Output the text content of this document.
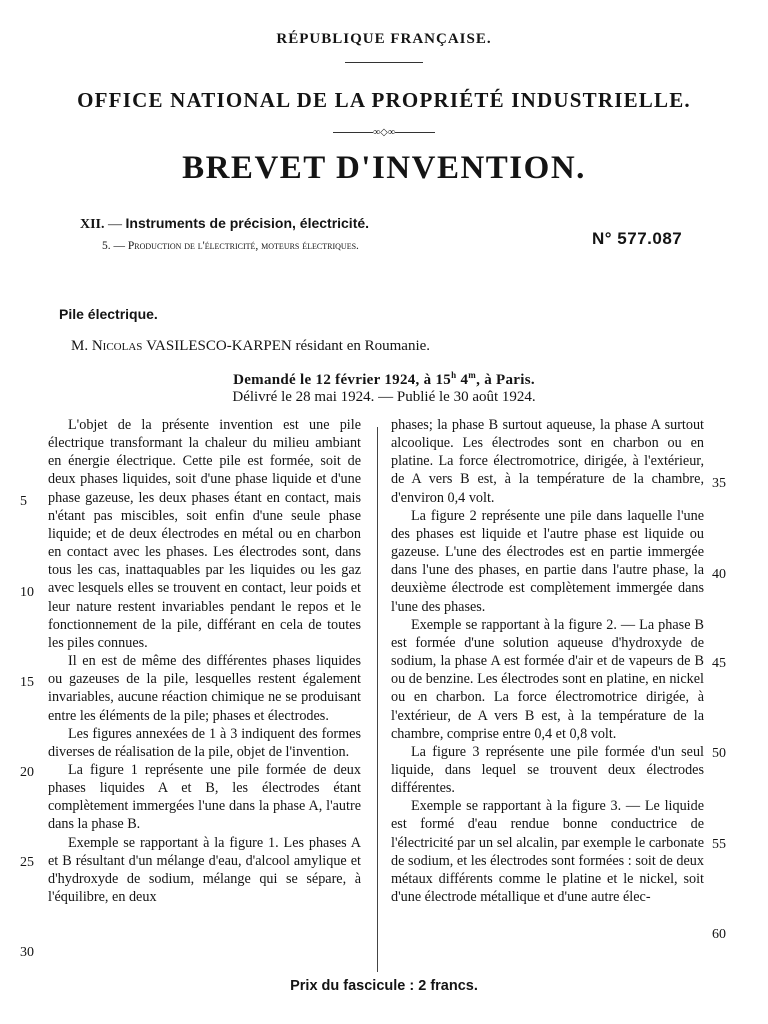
RÉPUBLIQUE FRANÇAISE.
OFFICE NATIONAL DE LA PROPRIÉTÉ INDUSTRIELLE.
∞◇∞
BREVET D'INVENTION.
XII. — Instruments de précision, électricité.
5. — Production de l'électricité, moteurs électriques.	N° 577.087
Pile électrique.
M. Nicolas VASILESCO-KARPEN résidant en Roumanie.
Demandé le 12 février 1924, à 15$^h$ 4$^m$, à Paris.
Délivré le 28 mai 1924. — Publié le 30 août 1924.

L'objet de la présente invention est une pile électrique transformant la chaleur du milieu ambiant en énergie électrique. Cette pile est formée, soit de deux phases liquides, soit d'une phase liquide et d'une phase gazeuse, les deux phases étant en contact, mais n'étant pas miscibles, soit enfin d'une seule phase liquide; et de deux électrodes en métal ou en charbon en contact avec les phases. Les électrodes sont, dans tous les cas, inattaquables par les liquides ou les gaz avec lesquels elles se trouvent en contact, leur poids et leur nature restent invariables pendant le repos et le fonctionnement de la pile, différant en cela de toutes les piles connues.

Il en est de même des différentes phases liquides ou gazeuses de la pile, lesquelles restent également invariables, aucune réaction chimique ne se produisant entre les éléments de la pile; phases et électrodes.

Les figures annexées de 1 à 3 indiquent des formes diverses de réalisation de la pile, objet de l'invention.

La figure 1 représente une pile formée de deux phases liquides A et B, les électrodes étant complètement immergées l'une dans la phase A, l'autre dans la phase B.

Exemple se rapportant à la figure 1. Les phases A et B résultant d'un mélange d'eau, d'alcool amylique et d'hydroxyde de sodium, mélange qui se sépare, à l'équilibre, en deux

phases; la phase B surtout aqueuse, la phase A surtout alcoolique. Les électrodes sont en charbon ou en platine. La force électromotrice, dirigée, à l'extérieur, de A vers B est, à la température de la chambre, d'environ 0,4 volt.

La figure 2 représente une pile dans laquelle l'une des phases est liquide et l'autre phase est liquide ou gazeuse. L'une des électrodes est en partie immergée dans l'une des phases, en partie dans l'autre phase, la deuxième électrode est complètement immergée dans l'une des phases.

Exemple se rapportant à la figure 2. — La phase B est formée d'une solution aqueuse d'hydroxyde de sodium, la phase A est formée d'air et de vapeurs de B ou de benzine. Les électrodes sont en platine, en nickel ou en charbon. La force électromotrice dirigée, à l'extérieur, de A vers B est, à la température de la chambre, comprise entre 0,4 et 0,8 volt.

La figure 3 représente une pile formée d'un seul liquide, dans lequel se trouvent deux électrodes différentes.

Exemple se rapportant à la figure 3. — Le liquide est formé d'eau rendue bonne conductrice de l'électricité par un sel alcalin, par exemple le carbonate de sodium, et les électrodes sont formées : soit de deux métaux différents comme le platine et le nickel, soit d'une électrode métallique et d'une autre élec-

5
10
15
20
25
30
35
40
45
50
55
60
Prix du fascicule : 2 francs.
